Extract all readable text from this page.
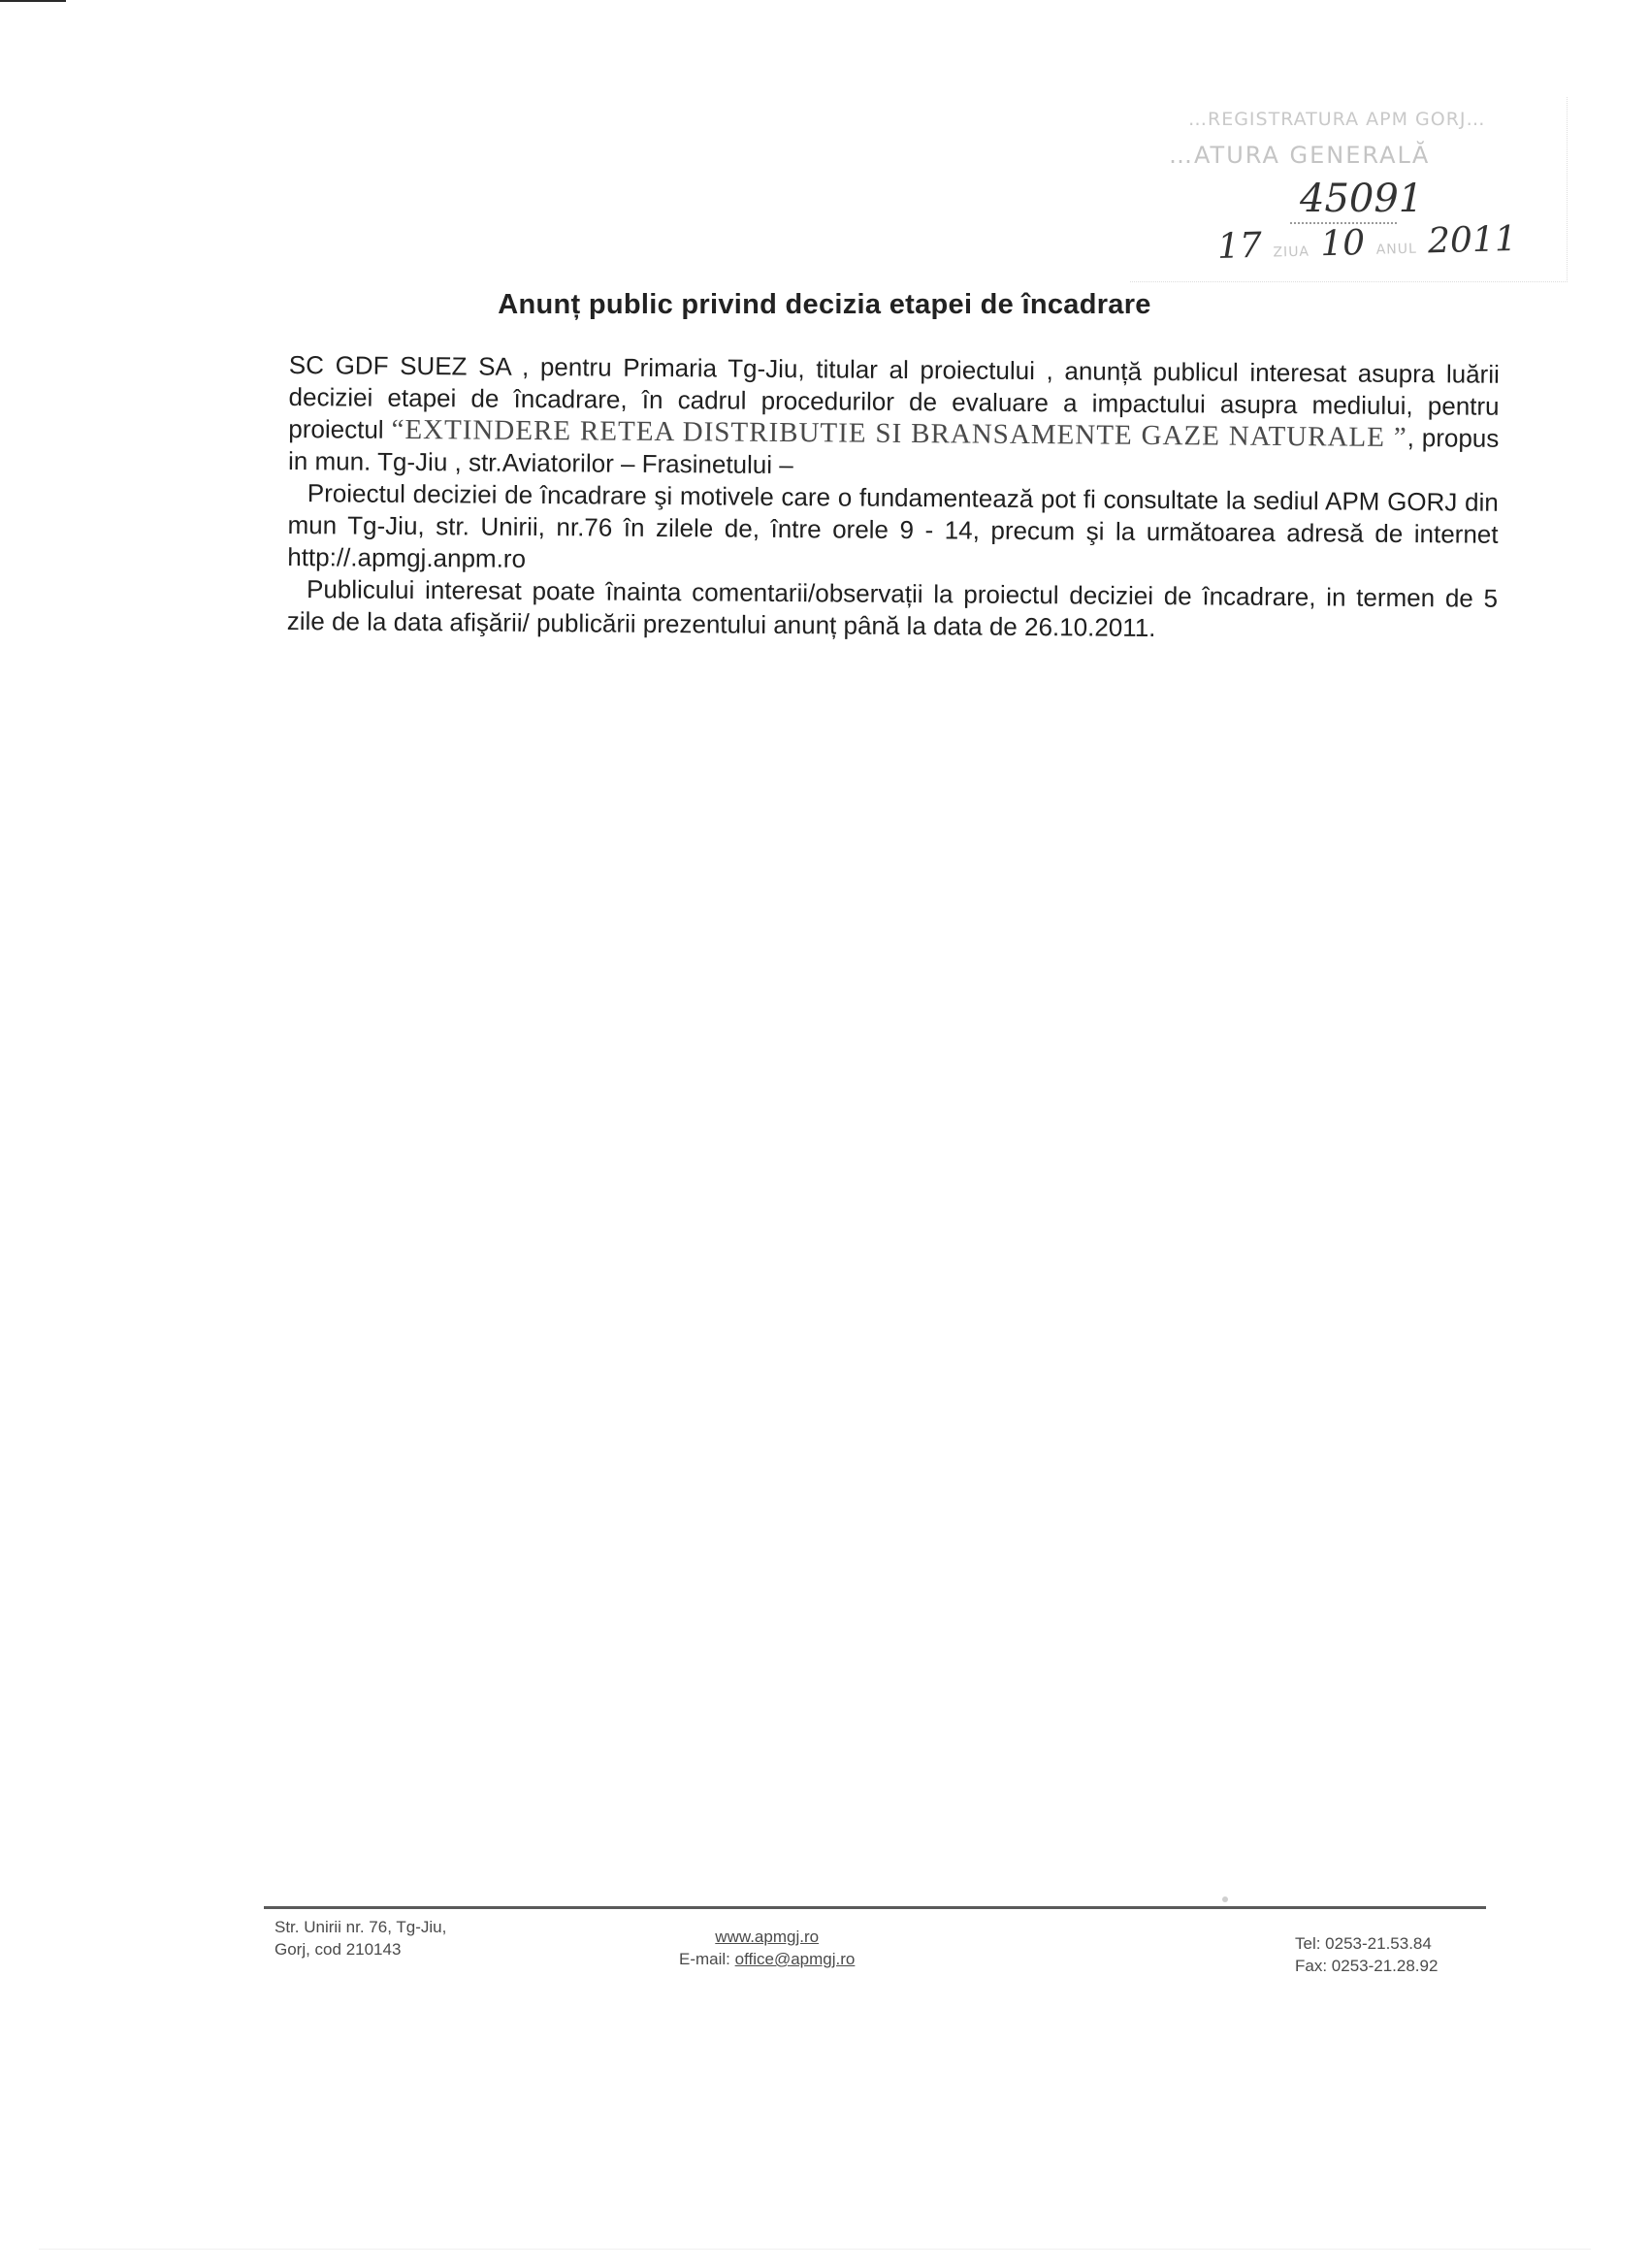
…REGISTRATURA APM GORJ…
…ATURA GENERALĂ
45091
17 ZIUA 10 ANUL 2011
Anunț public privind decizia etapei de încadrare

SC GDF SUEZ SA , pentru Primaria Tg-Jiu, titular al proiectului , anunță publicul interesat asupra luării deciziei etapei de încadrare, în cadrul procedurilor de evaluare a impactului asupra mediului, pentru proiectul “EXTINDERE RETEA DISTRIBUTIE SI BRANSAMENTE GAZE NATURALE ”, propus in mun. Tg-Jiu , str.Aviatorilor – Frasinetului –

Proiectul deciziei de încadrare şi motivele care o fundamentează pot fi consultate la sediul APM GORJ din mun Tg-Jiu, str. Unirii, nr.76 în zilele de, între orele 9 - 14, precum şi la următoarea adresă de internet http://.apmgj.anpm.ro

Publicului interesat poate înainta comentarii/observații la proiectul deciziei de încadrare, in termen de 5 zile de la data afişării/ publicării prezentului anunț până la data de 26.10.2011.

Str. Unirii nr. 76, Tg-Jiu,
Gorj, cod 210143
www.apmgj.ro
E-mail: office@apmgj.ro
Tel: 0253-21.53.84
Fax: 0253-21.28.92
